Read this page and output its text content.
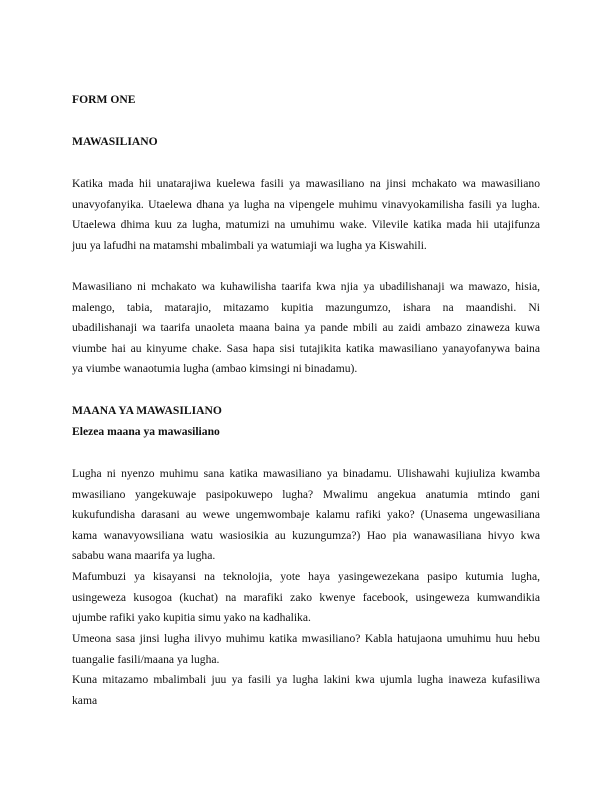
FORM ONE
MAWASILIANO
Katika mada hii unatarajiwa kuelewa fasili ya mawasiliano na jinsi mchakato wa mawasiliano
unavyofanyika. Utaelewa dhana ya lugha na vipengele muhimu vinavyokamilisha fasili ya lugha.
Utaelewa dhima kuu za lugha, matumizi na umuhimu wake. Vilevile katika mada hii utajifunza
juu ya lafudhi na matamshi mbalimbali ya watumiaji wa lugha ya Kiswahili.
Mawasiliano ni mchakato wa kuhawilisha taarifa kwa njia ya ubadilishanaji wa mawazo, hisia,
malengo, tabia, matarajio, mitazamo kupitia mazungumzo, ishara na maandishi. Ni
ubadilishanaji wa taarifa unaoleta maana baina ya pande mbili au zaidi ambazo zinaweza kuwa
viumbe hai au kinyume chake. Sasa hapa sisi tutajikita katika mawasiliano yanayofanywa baina
ya viumbe wanaotumia lugha (ambao kimsingi ni binadamu).
MAANA YA MAWASILIANO
Elezea maana ya mawasiliano
Lugha ni nyenzo muhimu sana katika mawasiliano ya binadamu. Ulishawahi kujiuliza kwamba
mwasiliano yangekuwaje pasipokuwepo lugha? Mwalimu angekua anatumia mtindo gani
kukufundisha darasani au wewe ungemwombaje kalamu rafiki yako? (Unasema ungewasiliana
kama wanavyowsiliana watu wasiosikia au kuzungumza?) Hao pia wanawasiliana hivyo kwa
sababu wana maarifa ya lugha.
Mafumbuzi ya kisayansi na teknolojia, yote haya yasingewezekana pasipo kutumia lugha,
usingeweza kusogoa (kuchat) na marafiki zako kwenye facebook, usingeweza kumwandikia
ujumbe rafiki yako kupitia simu yako na kadhalika.
Umeona sasa jinsi lugha ilivyo muhimu katika mwasiliano? Kabla hatujaona umuhimu huu hebu
tuangalie fasili/maana ya lugha.
Kuna mitazamo mbalimbali juu ya fasili ya lugha lakini kwa ujumla lugha inaweza kufasiliwa
kama
